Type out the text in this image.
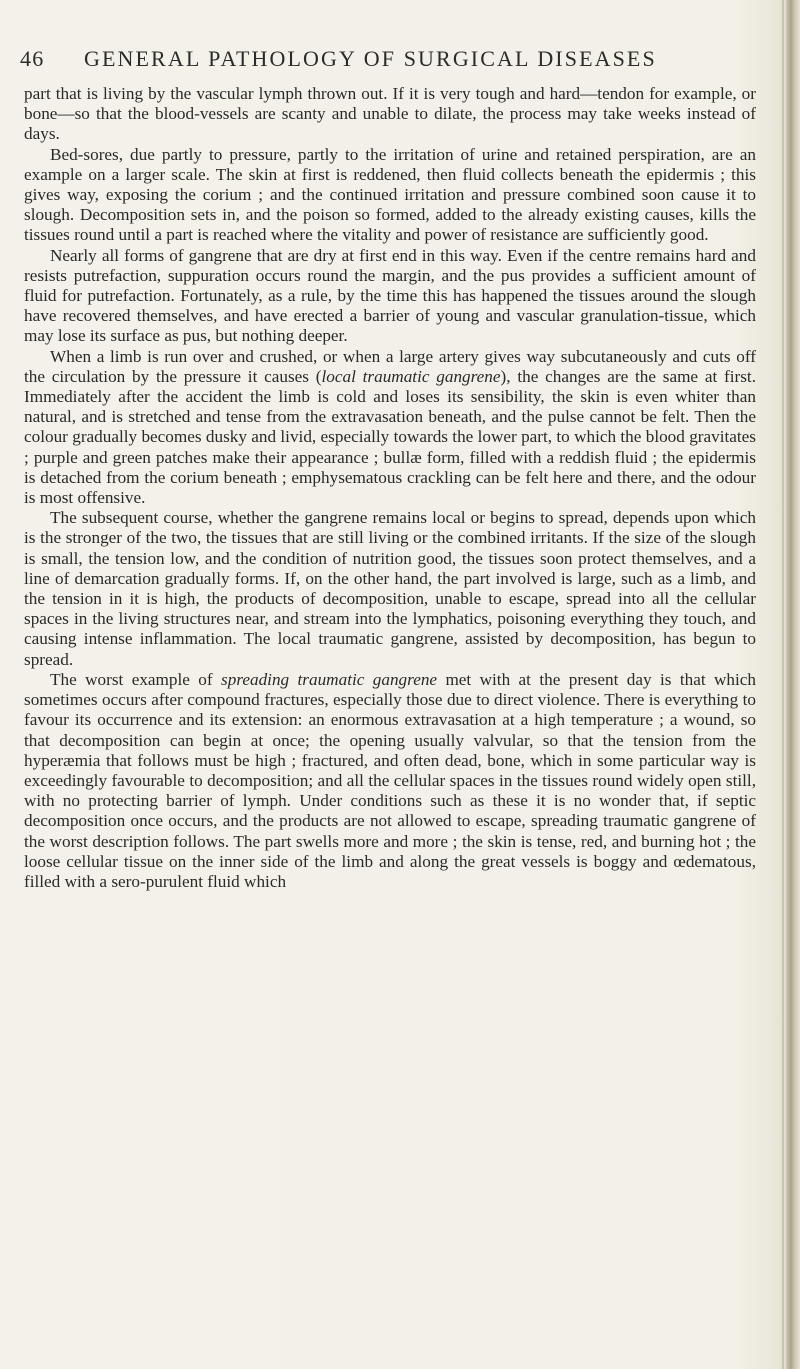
46	GENERAL PATHOLOGY OF SURGICAL DISEASES

part that is living by the vascular lymph thrown out. If it is very tough and hard—tendon for example, or bone—so that the blood-vessels are scanty and unable to dilate, the process may take weeks instead of days.

Bed-sores, due partly to pressure, partly to the irritation of urine and retained perspiration, are an example on a larger scale. The skin at first is reddened, then fluid collects beneath the epidermis ; this gives way, exposing the corium ; and the continued irritation and pressure combined soon cause it to slough. Decomposition sets in, and the poison so formed, added to the already existing causes, kills the tissues round until a part is reached where the vitality and power of resistance are sufficiently good.

Nearly all forms of gangrene that are dry at first end in this way. Even if the centre remains hard and resists putrefaction, suppuration occurs round the margin, and the pus provides a sufficient amount of fluid for putrefaction. Fortunately, as a rule, by the time this has happened the tissues around the slough have recovered themselves, and have erected a barrier of young and vascular granulation-tissue, which may lose its surface as pus, but nothing deeper.

When a limb is run over and crushed, or when a large artery gives way subcutaneously and cuts off the circulation by the pressure it causes (local traumatic gangrene), the changes are the same at first. Immediately after the accident the limb is cold and loses its sensibility, the skin is even whiter than natural, and is stretched and tense from the extravasation beneath, and the pulse cannot be felt. Then the colour gradually becomes dusky and livid, especially towards the lower part, to which the blood gravitates ; purple and green patches make their appearance ; bullæ form, filled with a reddish fluid ; the epidermis is detached from the corium beneath ; emphysematous crackling can be felt here and there, and the odour is most offensive.

The subsequent course, whether the gangrene remains local or begins to spread, depends upon which is the stronger of the two, the tissues that are still living or the combined irritants. If the size of the slough is small, the tension low, and the condition of nutrition good, the tissues soon protect themselves, and a line of demarcation gradually forms. If, on the other hand, the part involved is large, such as a limb, and the tension in it is high, the products of decomposition, unable to escape, spread into all the cellular spaces in the living structures near, and stream into the lymphatics, poisoning everything they touch, and causing intense inflammation. The local traumatic gangrene, assisted by decomposition, has begun to spread.

The worst example of spreading traumatic gangrene met with at the present day is that which sometimes occurs after compound fractures, especially those due to direct violence. There is everything to favour its occurrence and its extension: an enormous extravasation at a high temperature ; a wound, so that decomposition can begin at once; the opening usually valvular, so that the tension from the hyperæmia that follows must be high ; fractured, and often dead, bone, which in some particular way is exceedingly favourable to decomposition; and all the cellular spaces in the tissues round widely open still, with no protecting barrier of lymph. Under conditions such as these it is no wonder that, if septic decomposition once occurs, and the products are not allowed to escape, spreading traumatic gangrene of the worst description follows. The part swells more and more ; the skin is tense, red, and burning hot ; the loose cellular tissue on the inner side of the limb and along the great vessels is boggy and œdematous, filled with a sero-purulent fluid which
